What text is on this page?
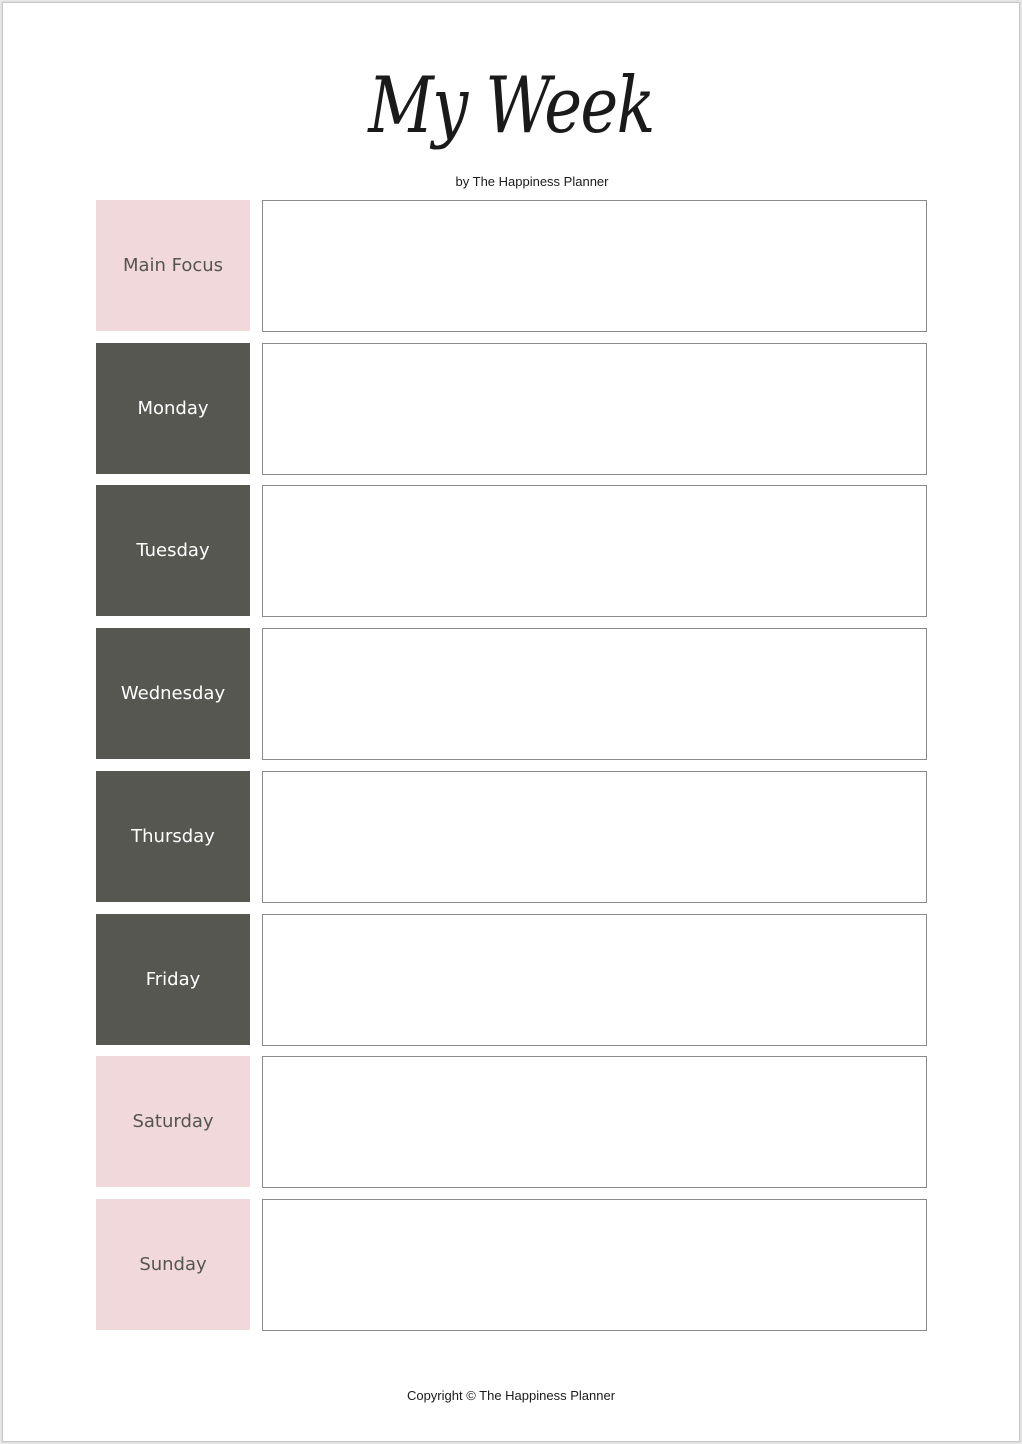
My Week
by The Happiness Planner
Main Focus
Monday
Tuesday
Wednesday
Thursday
Friday
Saturday
Sunday
Copyright © The Happiness Planner
